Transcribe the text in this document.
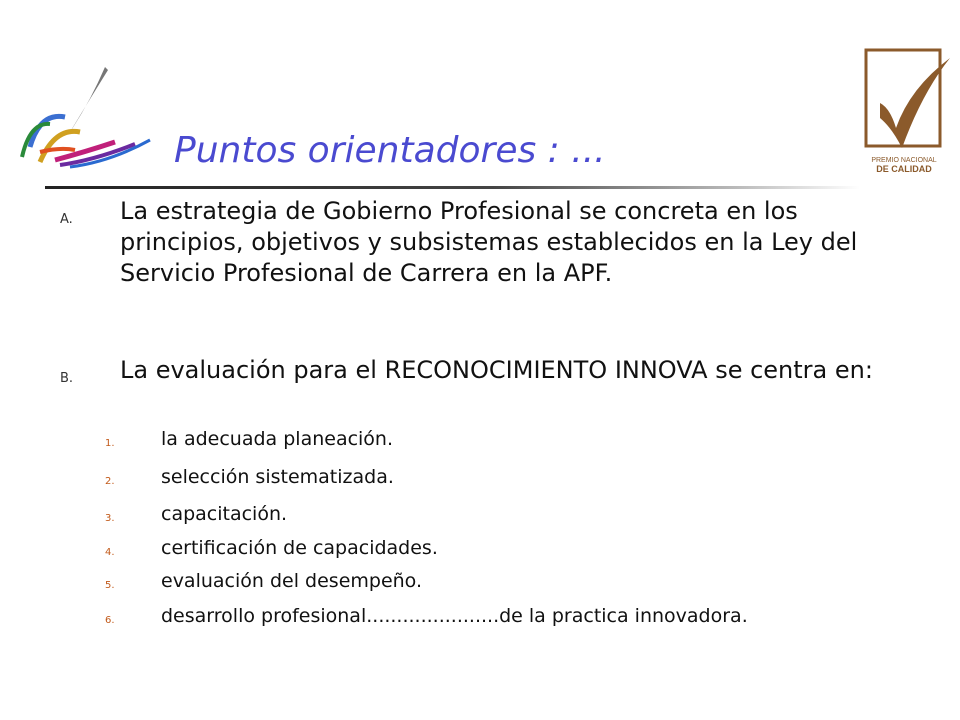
PREMIO NACIONAL
DE CALIDAD
Puntos orientadores : ...
A. La estrategia de Gobierno Profesional se concreta en los principios, objetivos y subsistemas establecidos en la Ley del Servicio Profesional de Carrera en la APF.
B. La evaluación para el RECONOCIMIENTO INNOVA se centra en:
1. la adecuada planeación.
2. selección sistematizada.
3. capacitación.
4. certificación de capacidades.
5. evaluación del desempeño.
6. desarrollo profesional......................de la practica innovadora.
